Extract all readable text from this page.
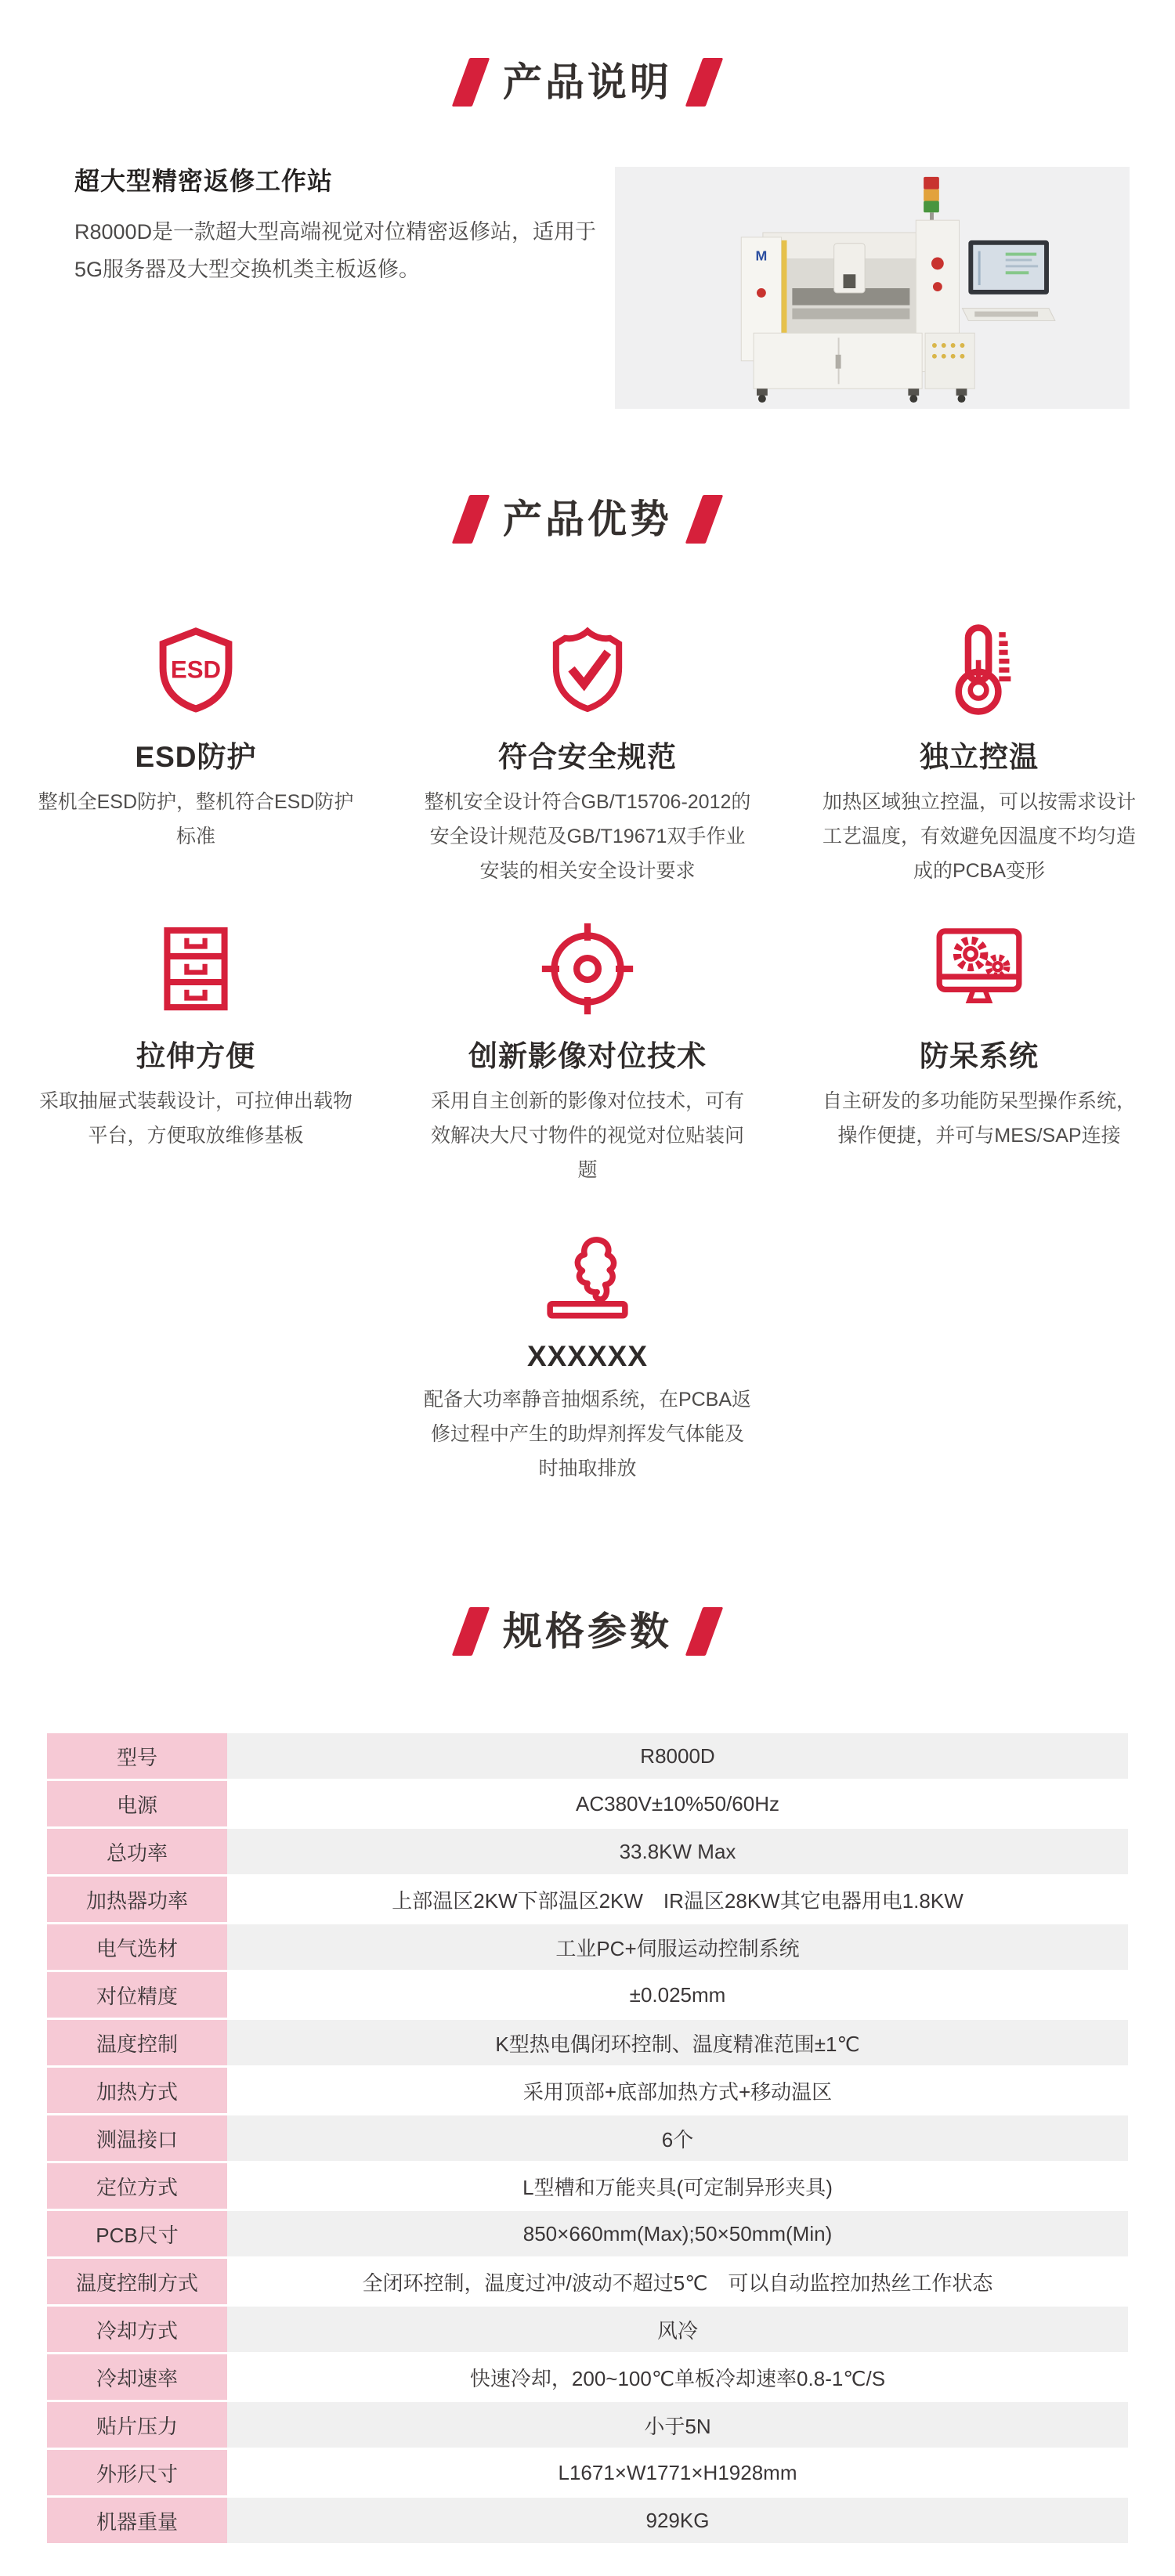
产品说明
超大型精密返修工作站

R8000D是一款超大型高端视觉对位精密返修站，适用于5G服务器及大型交换机类主板返修。

M
产品优势
ESD
ESD防护

整机全ESD防护，整机符合ESD防护标准

符合安全规范

整机安全设计符合GB/T15706-2012的安全设计规范及GB/T19671双手作业安装的相关安全设计要求

独立控温

加热区域独立控温，可以按需求设计工艺温度，有效避免因温度不均匀造成的PCBA变形

拉伸方便

采取抽屉式装载设计，可拉伸出载物平台，方便取放维修基板

创新影像对位技术

采用自主创新的影像对位技术，可有效解决大尺寸物件的视觉对位贴装问题

防呆系统

自主研发的多功能防呆型操作系统，操作便捷，并可与MES/SAP连接

XXXXXX

配备大功率静音抽烟系统，在PCBA返修过程中产生的助焊剂挥发气体能及时抽取排放

规格参数
型号	R8000D
电源	AC380V±10%50/60Hz
总功率	33.8KW Max
加热器功率	上部温区2KW下部温区2KW　IR温区28KW其它电器用电1.8KW
电气选材	工业PC+伺服运动控制系统
对位精度	±0.025mm
温度控制	K型热电偶闭环控制、温度精准范围±1℃
加热方式	采用顶部+底部加热方式+移动温区
测温接口	6个
定位方式	L型槽和万能夹具(可定制异形夹具)
PCB尺寸	850×660mm(Max);50×50mm(Min)
温度控制方式	全闭环控制，温度过冲/波动不超过5℃　可以自动监控加热丝工作状态
冷却方式	风冷
冷却速率	快速冷却，200~100℃单板冷却速率0.8-1℃/S
贴片压力	小于5N
外形尺寸	L1671×W1771×H1928mm
机器重量	929KG
